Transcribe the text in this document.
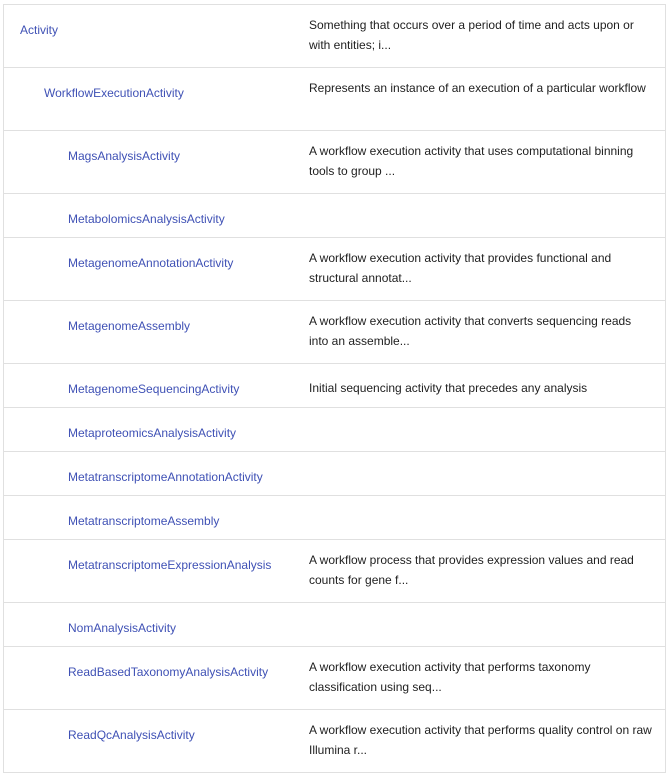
Activity	Something that occurs over a period of time and acts upon or with entities; i...
WorkflowExecutionActivity	Represents an instance of an execution of a particular workflow
MagsAnalysisActivity	A workflow execution activity that uses computational binning tools to group ...
MetabolomicsAnalysisActivity
MetagenomeAnnotationActivity	A workflow execution activity that provides functional and structural annotat...
MetagenomeAssembly	A workflow execution activity that converts sequencing reads into an assemble...
MetagenomeSequencingActivity	Initial sequencing activity that precedes any analysis
MetaproteomicsAnalysisActivity
MetatranscriptomeAnnotationActivity
MetatranscriptomeAssembly
MetatranscriptomeExpressionAnalysis	A workflow process that provides expression values and read counts for gene f...
NomAnalysisActivity
ReadBasedTaxonomyAnalysisActivity	A workflow execution activity that performs taxonomy classification using seq...
ReadQcAnalysisActivity	A workflow execution activity that performs quality control on raw Illumina r...
